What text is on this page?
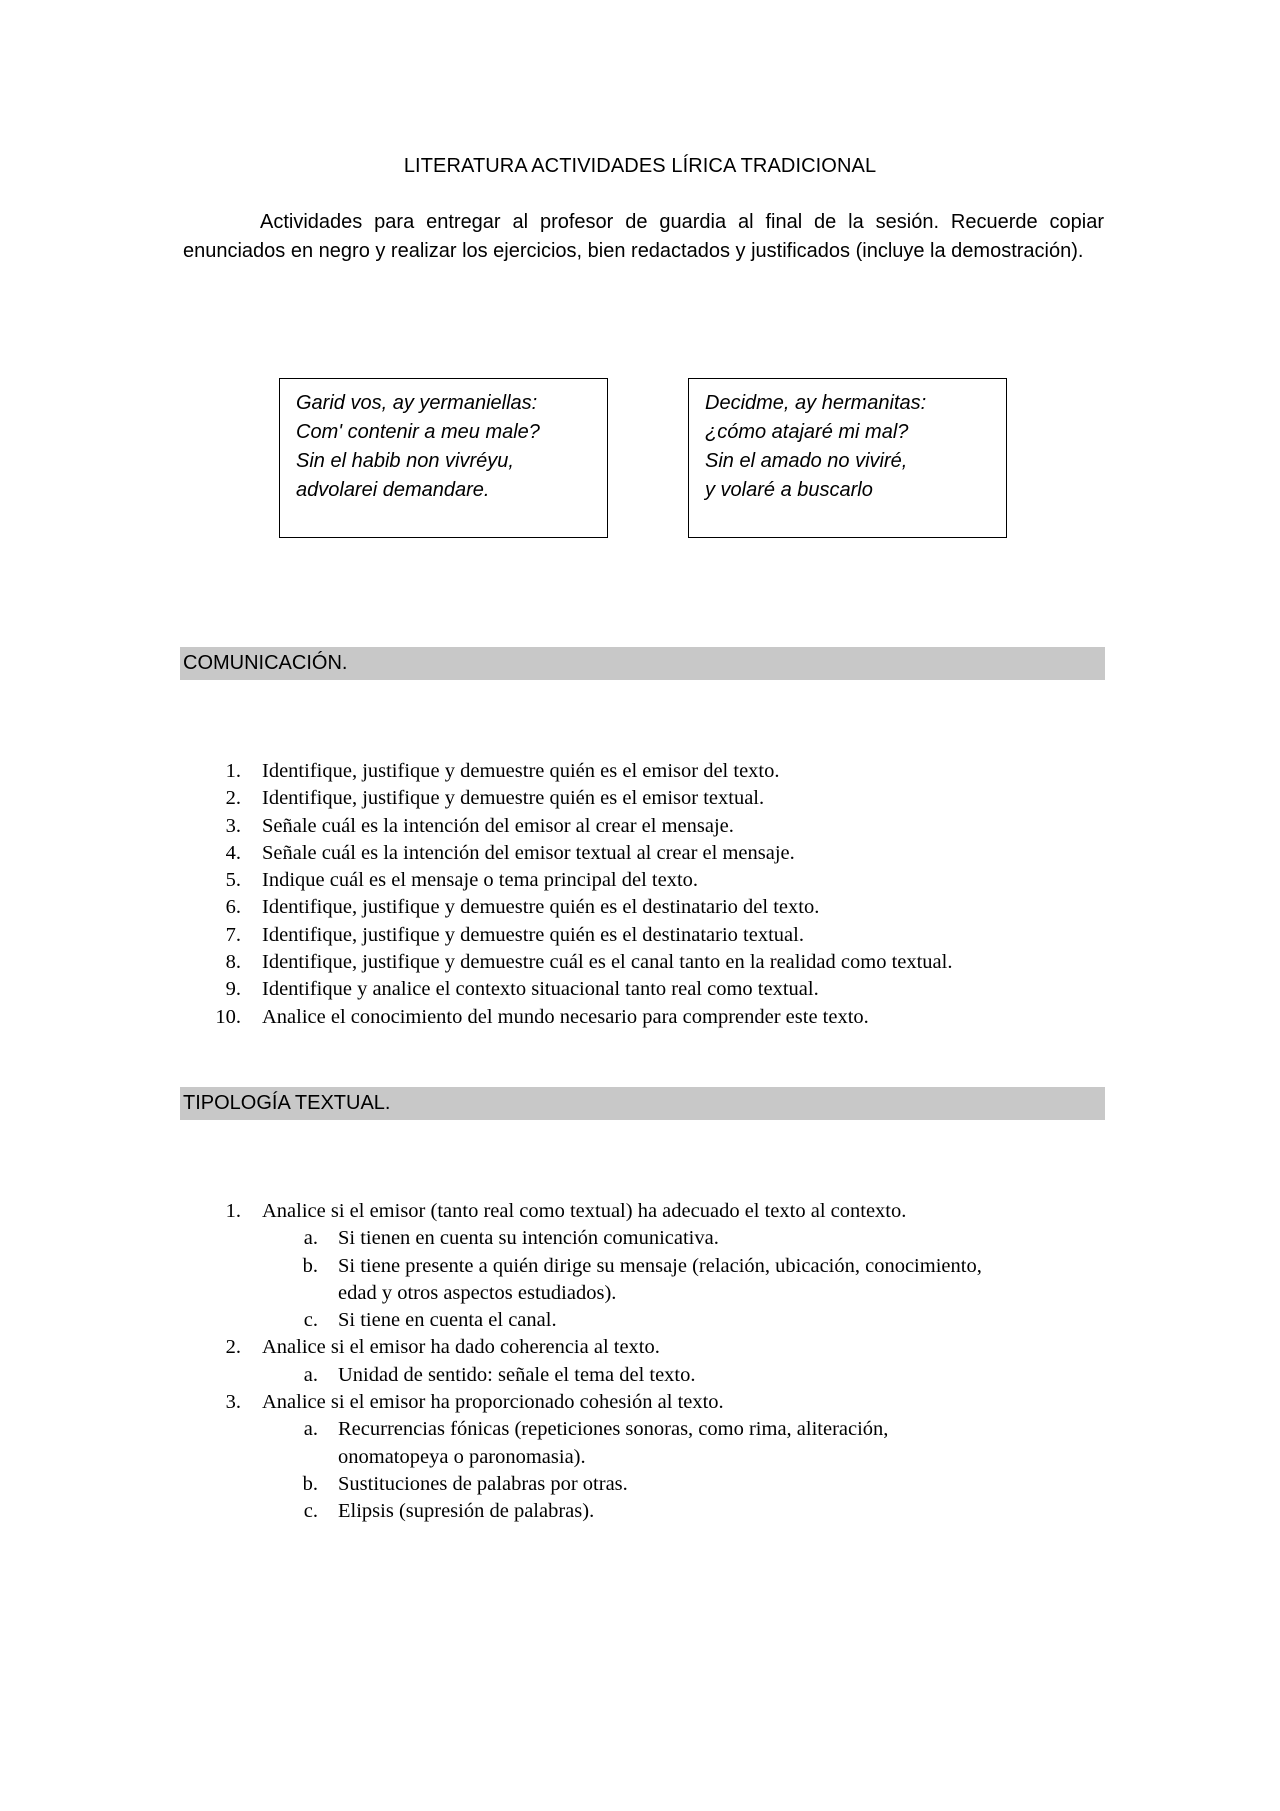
LITERATURA ACTIVIDADES LÍRICA TRADICIONAL
Actividades para entregar al profesor de guardia al final de la sesión. Recuerde copiar enunciados en negro y realizar los ejercicios, bien redactados y justificados (incluye la demostración).
Garid vos, ay yermaniellas:
Com' contenir a meu male?
Sin el habib non vivréyu,
advolarei demandare.
Decidme, ay hermanitas:
¿cómo atajaré mi mal?
Sin el amado no viviré,
y volaré a buscarlo
COMUNICACIÓN.
1. Identifique, justifique y demuestre quién es el emisor del texto.
2. Identifique, justifique y demuestre quién es el emisor textual.
3. Señale cuál es la intención del emisor al crear el mensaje.
4. Señale cuál es la intención del emisor textual al crear el mensaje.
5. Indique cuál es el mensaje o tema principal del texto.
6. Identifique, justifique y demuestre quién es el destinatario del texto.
7. Identifique, justifique y demuestre quién es el destinatario textual.
8. Identifique, justifique y demuestre cuál es el canal tanto en la realidad como textual.
9. Identifique y analice el contexto situacional tanto real como textual.
10. Analice el conocimiento del mundo necesario para comprender este texto.
TIPOLOGÍA TEXTUAL.
1. Analice si el emisor (tanto real como textual) ha adecuado el texto al contexto.
a. Si tienen en cuenta su intención comunicativa.
b. Si tiene presente a quién dirige su mensaje (relación, ubicación, conocimiento,
edad y otros aspectos estudiados).
c. Si tiene en cuenta el canal.
2. Analice si el emisor ha dado coherencia al texto.
a. Unidad de sentido: señale el tema del texto.
3. Analice si el emisor ha proporcionado cohesión al texto.
a. Recurrencias fónicas (repeticiones sonoras, como rima, aliteración,
onomatopeya o paronomasia).
b. Sustituciones de palabras por otras.
c. Elipsis (supresión de palabras).
